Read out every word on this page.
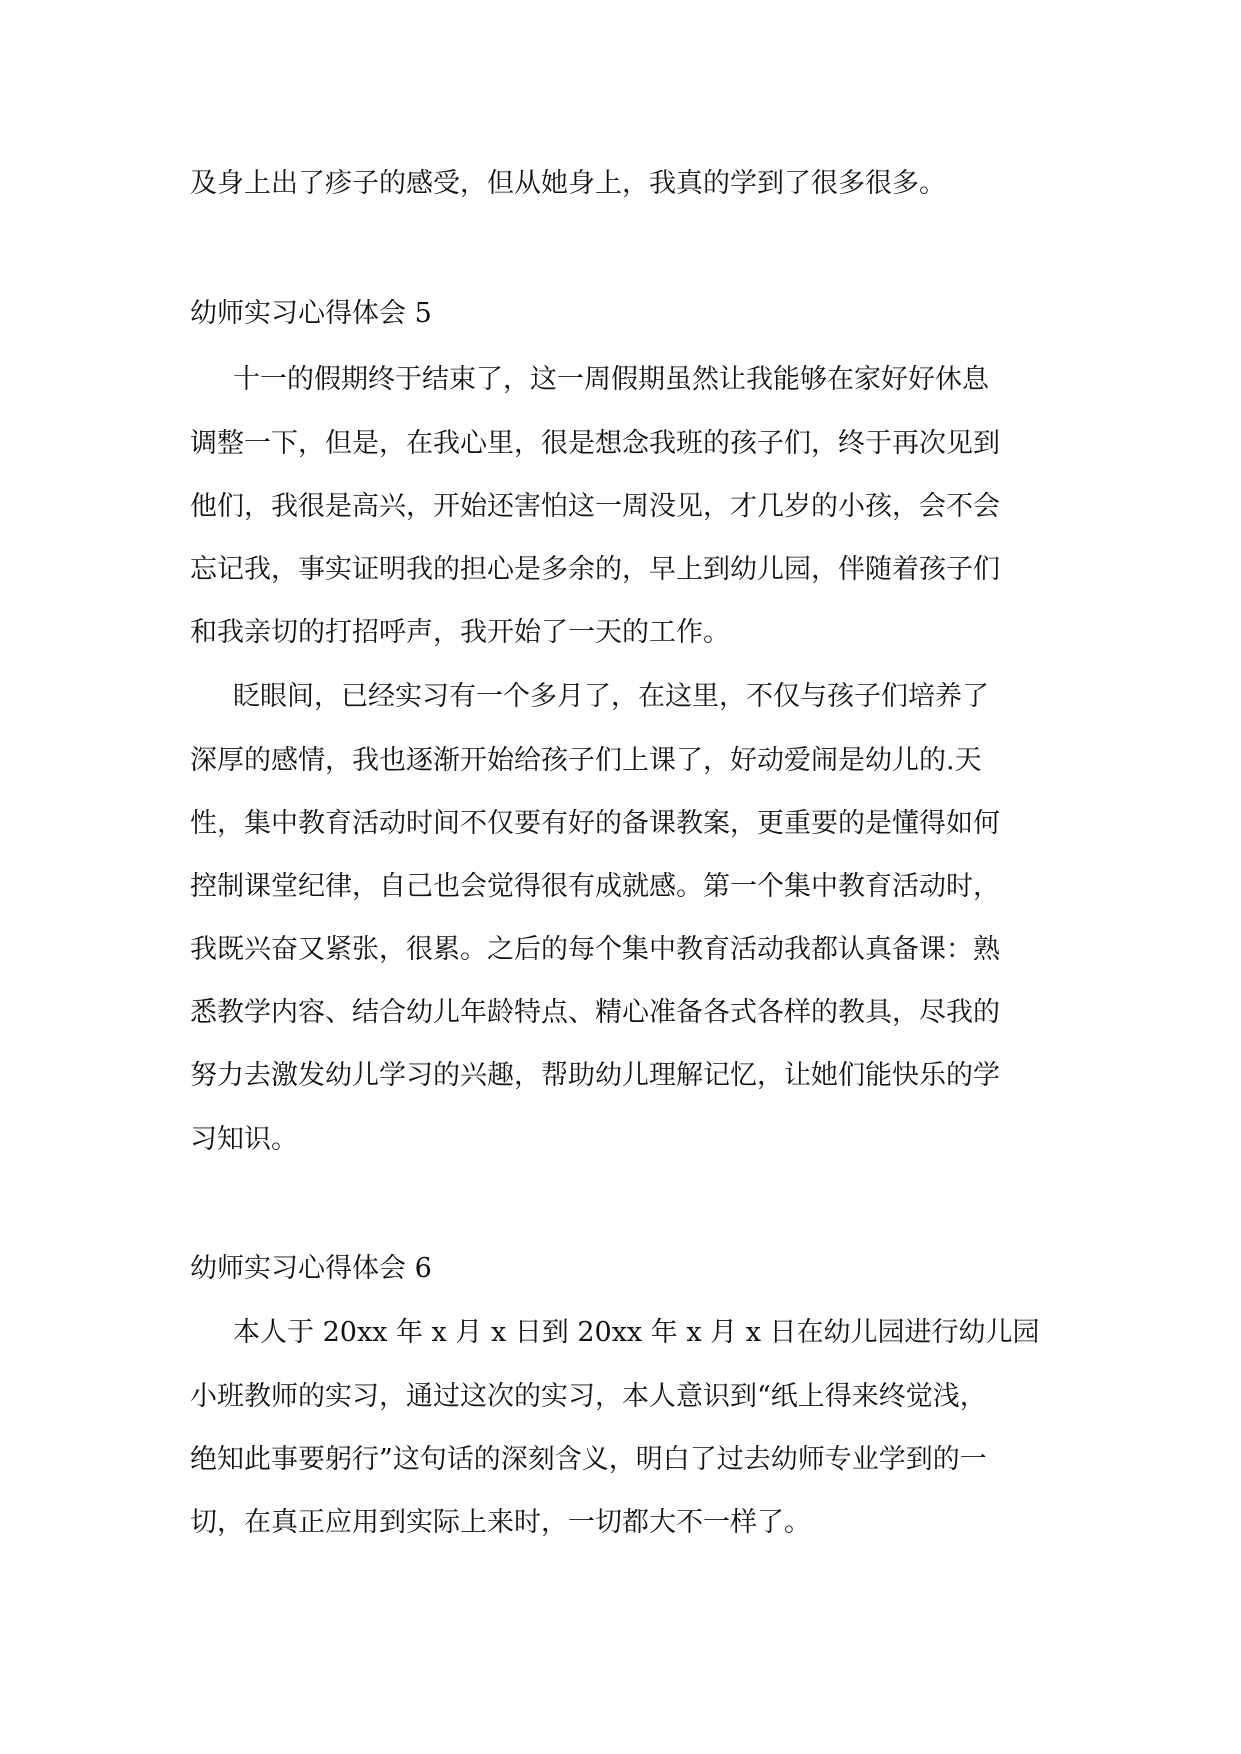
及身上出了疹子的感受，但从她身上，我真的学到了很多很多。

幼师实习心得体会 5

十一的假期终于结束了，这一周假期虽然让我能够在家好好休息

调整一下，但是，在我心里，很是想念我班的孩子们，终于再次见到

他们，我很是高兴，开始还害怕这一周没见，才几岁的小孩，会不会

忘记我，事实证明我的担心是多余的，早上到幼儿园，伴随着孩子们

和我亲切的打招呼声，我开始了一天的工作。

眨眼间，已经实习有一个多月了，在这里，不仅与孩子们培养了

深厚的感情，我也逐渐开始给孩子们上课了，好动爱闹是幼儿的.天

性，集中教育活动时间不仅要有好的备课教案，更重要的是懂得如何

控制课堂纪律，自己也会觉得很有成就感。第一个集中教育活动时，

我既兴奋又紧张，很累。之后的每个集中教育活动我都认真备课：熟

悉教学内容、结合幼儿年龄特点、精心准备各式各样的教具，尽我的

努力去激发幼儿学习的兴趣，帮助幼儿理解记忆，让她们能快乐的学

习知识。

幼师实习心得体会 6

本人于 20xx 年 x 月 x 日到 20xx 年 x 月 x 日在幼儿园进行幼儿园

小班教师的实习，通过这次的实习，本人意识到“纸上得来终觉浅，

绝知此事要躬行”这句话的深刻含义，明白了过去幼师专业学到的一

切，在真正应用到实际上来时，一切都大不一样了。
